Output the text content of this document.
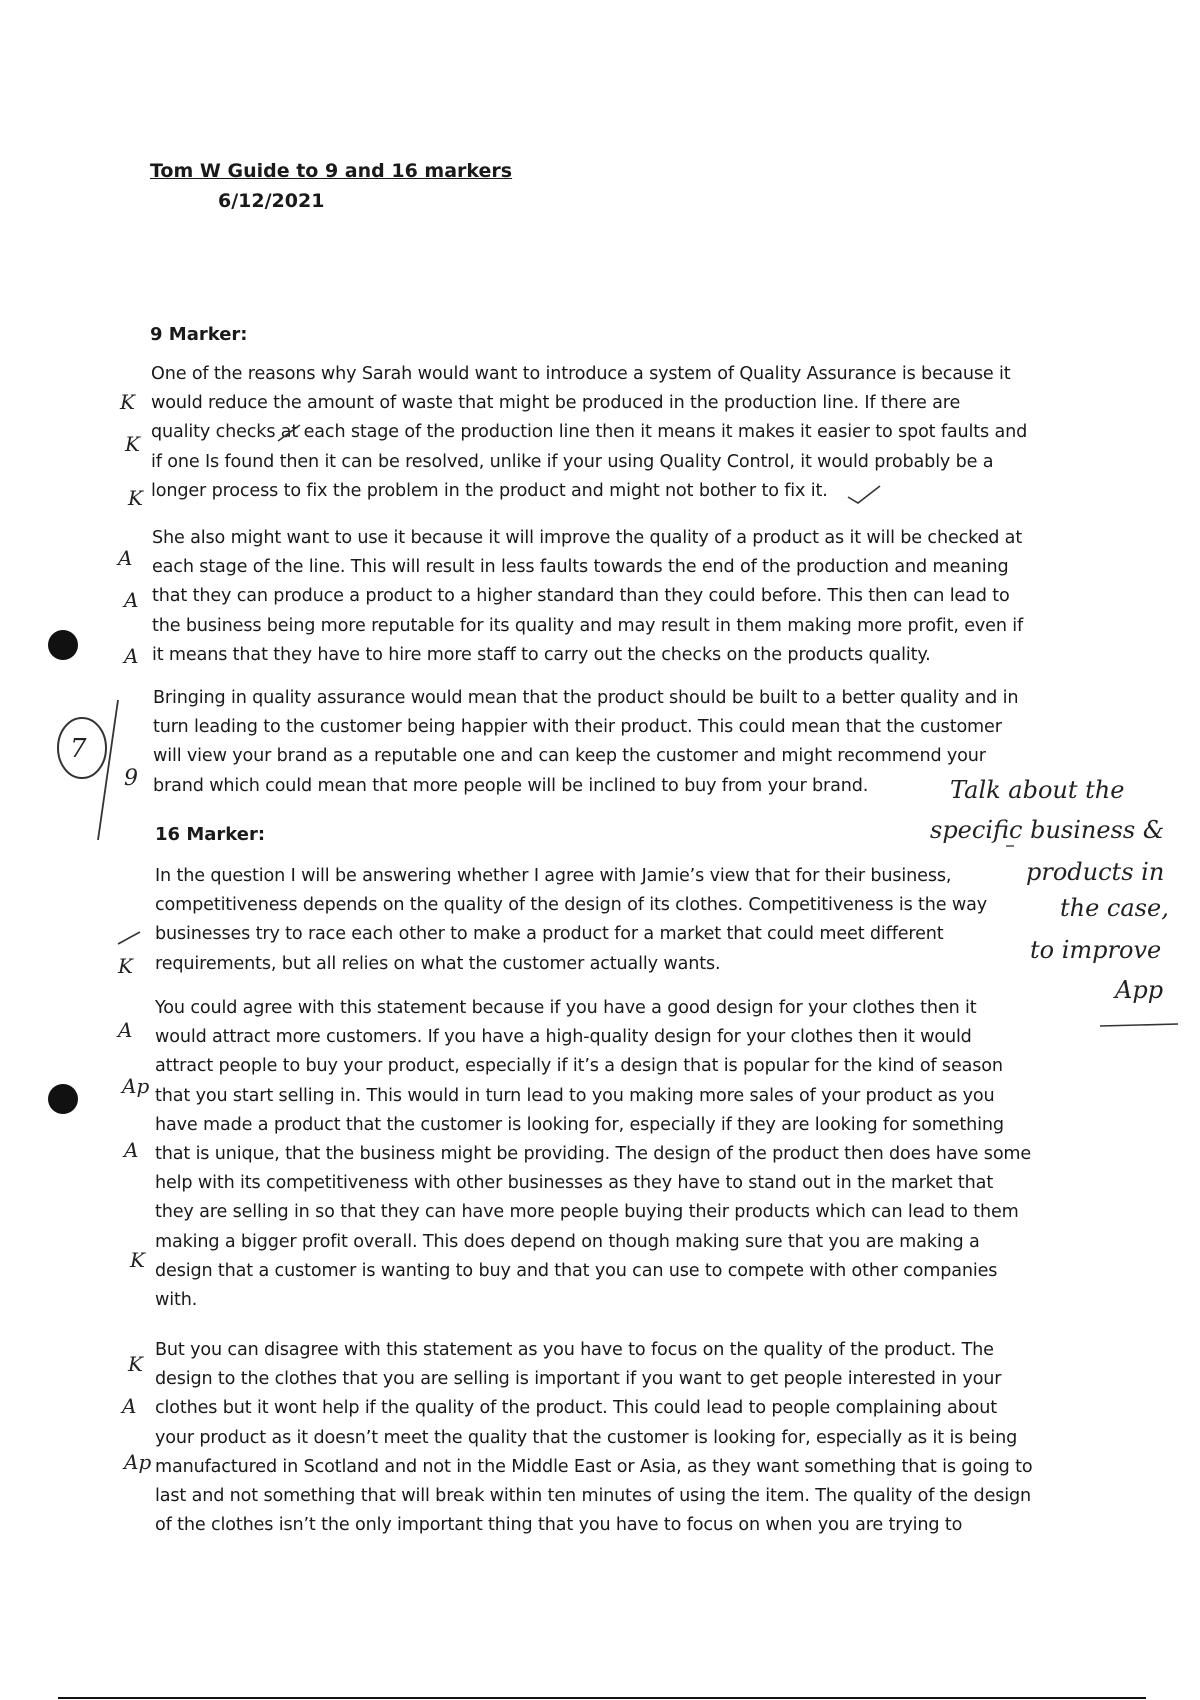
Tom W Guide to 9 and 16 markers

6/12/2021

9 Marker:

One of the reasons why Sarah would want to introduce a system of Quality Assurance is because it
would reduce the amount of waste that might be produced in the production line. If there are
quality checks at each stage of the production line then it means it makes it easier to spot faults and
if one Is found then it can be resolved, unlike if your using Quality Control, it would probably be a
longer process to fix the problem in the product and might not bother to fix it.
She also might want to use it because it will improve the quality of a product as it will be checked at
each stage of the line. This will result in less faults towards the end of the production and meaning
that they can produce a product to a higher standard than they could before. This then can lead to
the business being more reputable for its quality and may result in them making more profit, even if
it means that they have to hire more staff to carry out the checks on the products quality.
Bringing in quality assurance would mean that the product should be built to a better quality and in
turn leading to the customer being happier with their product. This could mean that the customer
will view your brand as a reputable one and can keep the customer and might recommend your
brand which could mean that more people will be inclined to buy from your brand.

16 Marker:

In the question I will be answering whether I agree with Jamie’s view that for their business,
competitiveness depends on the quality of the design of its clothes. Competitiveness is the way
businesses try to race each other to make a product for a market that could meet different
requirements, but all relies on what the customer actually wants.
You could agree with this statement because if you have a good design for your clothes then it
would attract more customers. If you have a high-quality design for your clothes then it would
attract people to buy your product, especially if it’s a design that is popular for the kind of season
that you start selling in. This would in turn lead to you making more sales of your product as you
have made a product that the customer is looking for, especially if they are looking for something
that is unique, that the business might be providing. The design of the product then does have some
help with its competitiveness with other businesses as they have to stand out in the market that
they are selling in so that they can have more people buying their products which can lead to them
making a bigger profit overall. This does depend on though making sure that you are making a
design that a customer is wanting to buy and that you can use to compete with other companies
with.
But you can disagree with this statement as you have to focus on the quality of the product. The
design to the clothes that you are selling is important if you want to get people interested in your
clothes but it wont help if the quality of the product. This could lead to people complaining about
your product as it doesn’t meet the quality that the customer is looking for, especially as it is being
manufactured in Scotland and not in the Middle East or Asia, as they want something that is going to
last and not something that will break within ten minutes of using the item. The quality of the design
of the clothes isn’t the only important thing that you have to focus on when you are trying to
K
K
K
A
A
A
7
9
K
A
Ap
A
K
K
A
Ap
Talk about the
specific business &
products in
the case,
to improve
App
